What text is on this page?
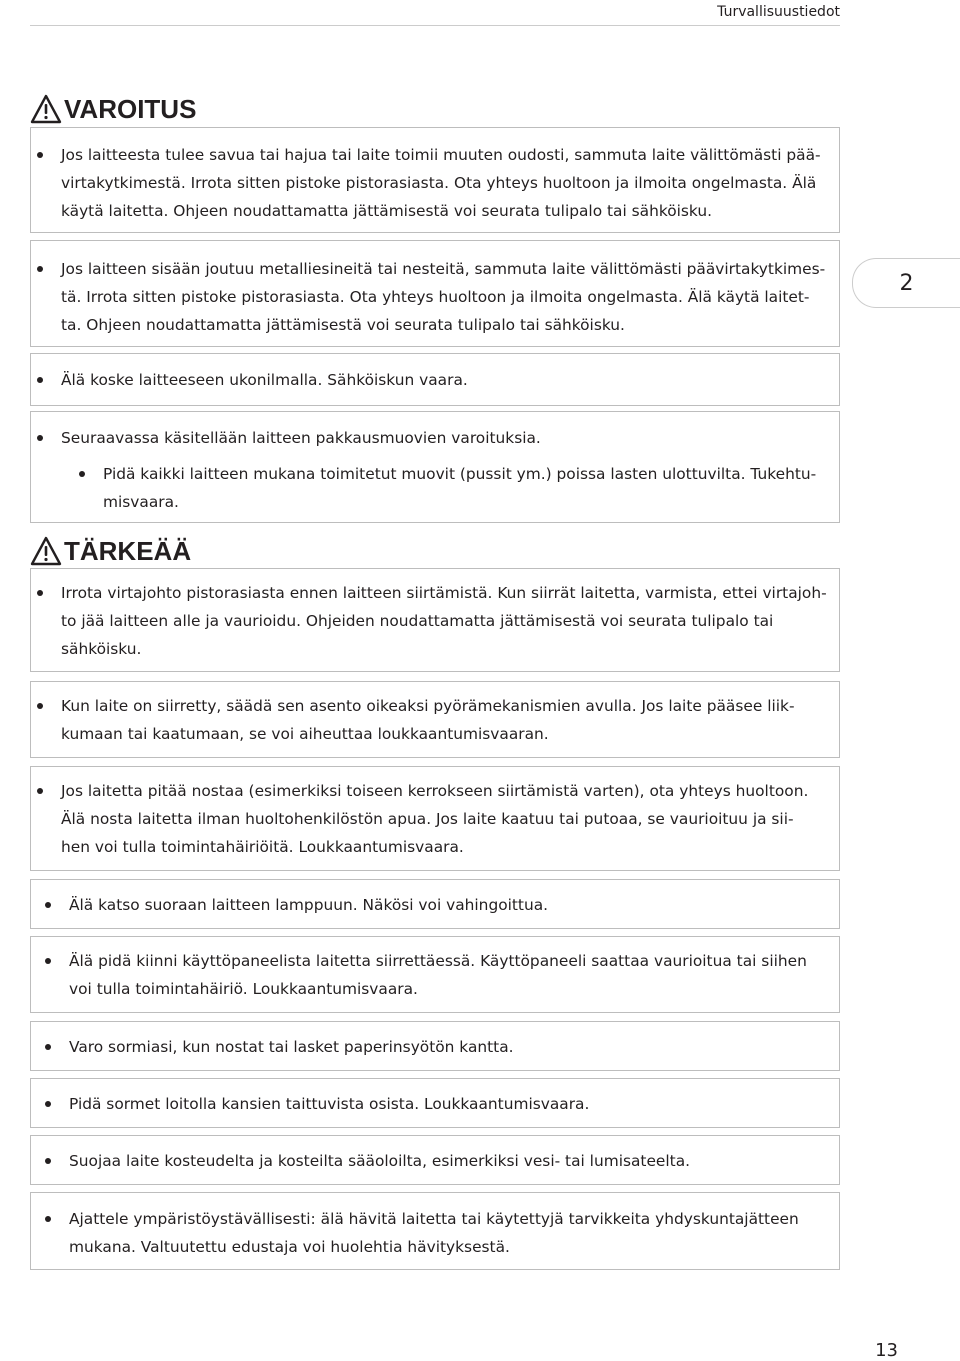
Turvallisuustiedot
VAROITUS
Jos laitteesta tulee savua tai hajua tai laite toimii muuten oudosti, sammuta laite välittömästi pää-
virtakytkimestä. Irrota sitten pistoke pistorasiasta. Ota yhteys huoltoon ja ilmoita ongelmasta. Älä
käytä laitetta. Ohjeen noudattamatta jättämisestä voi seurata tulipalo tai sähköisku.
Jos laitteen sisään joutuu metalliesineitä tai nesteitä, sammuta laite välittömästi päävirtakytkimes-
tä. Irrota sitten pistoke pistorasiasta. Ota yhteys huoltoon ja ilmoita ongelmasta. Älä käytä laitet-
ta. Ohjeen noudattamatta jättämisestä voi seurata tulipalo tai sähköisku.
Älä koske laitteeseen ukonilmalla. Sähköiskun vaara.
Seuraavassa käsitellään laitteen pakkausmuovien varoituksia.
Pidä kaikki laitteen mukana toimitetut muovit (pussit ym.) poissa lasten ulottuvilta. Tukehtu-
misvaara.
TÄRKEÄÄ
Irrota virtajohto pistorasiasta ennen laitteen siirtämistä. Kun siirrät laitetta, varmista, ettei virtajoh-
to jää laitteen alle ja vaurioidu. Ohjeiden noudattamatta jättämisestä voi seurata tulipalo tai
sähköisku.
Kun laite on siirretty, säädä sen asento oikeaksi pyörämekanismien avulla. Jos laite pääsee liik-
kumaan tai kaatumaan, se voi aiheuttaa loukkaantumisvaaran.
Jos laitetta pitää nostaa (esimerkiksi toiseen kerrokseen siirtämistä varten), ota yhteys huoltoon.
Älä nosta laitetta ilman huoltohenkilöstön apua. Jos laite kaatuu tai putoaa, se vaurioituu ja sii-
hen voi tulla toimintahäiriöitä. Loukkaantumisvaara.
Älä katso suoraan laitteen lamppuun. Näkösi voi vahingoittua.
Älä pidä kiinni käyttöpaneelista laitetta siirrettäessä. Käyttöpaneeli saattaa vaurioitua tai siihen
voi tulla toimintahäiriö. Loukkaantumisvaara.
Varo sormiasi, kun nostat tai lasket paperinsyötön kantta.
Pidä sormet loitolla kansien taittuvista osista. Loukkaantumisvaara.
Suojaa laite kosteudelta ja kosteilta sääoloilta, esimerkiksi vesi- tai lumisateelta.
Ajattele ympäristöystävällisesti: älä hävitä laitetta tai käytettyjä tarvikkeita yhdyskuntajätteen
mukana. Valtuutettu edustaja voi huolehtia hävityksestä.
2
13
